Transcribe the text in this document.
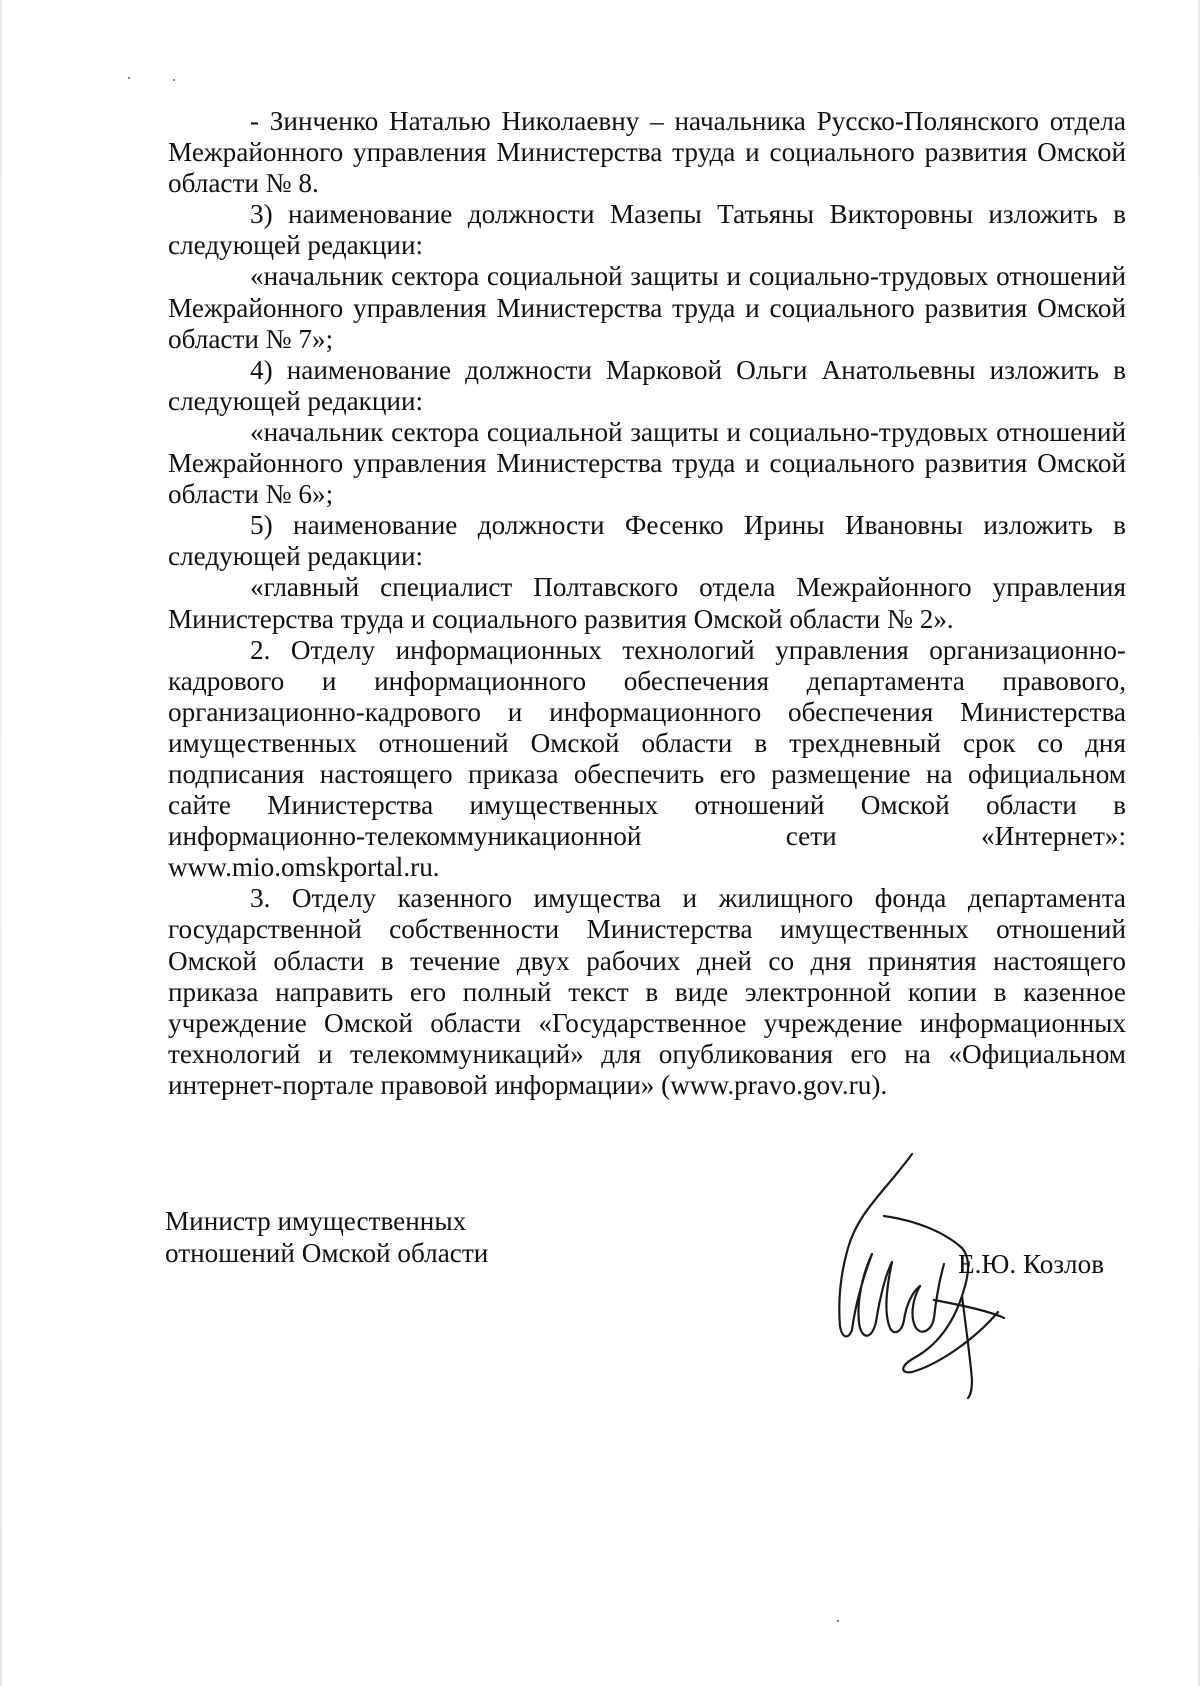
- Зинченко Наталью Николаевну – начальника Русско-Полянского отдела Межрайонного управления Министерства труда и социального развития Омской области № 8.

3) наименование должности Мазепы Татьяны Викторовны изложить в следующей редакции:

«начальник сектора социальной защиты и социально-трудовых отношений Межрайонного управления Министерства труда и социального развития Омской области № 7»;

4) наименование должности Марковой Ольги Анатольевны изложить в следующей редакции:

«начальник сектора социальной защиты и социально-трудовых отношений Межрайонного управления Министерства труда и социального развития Омской области № 6»;

5) наименование должности Фесенко Ирины Ивановны изложить в следующей редакции:

«главный специалист Полтавского отдела Межрайонного управления Министерства труда и социального развития Омской области № 2».

2. Отделу информационных технологий управления организационно-кадрового и информационного обеспечения департамента правового, организационно-кадрового и информационного обеспечения Министерства имущественных отношений Омской области в трехдневный срок со дня подписания настоящего приказа обеспечить его размещение на официальном сайте Министерства имущественных отношений Омской области в информационно-телекоммуникационной сети «Интернет»:

www.mio.omskportal.ru.

3. Отделу казенного имущества и жилищного фонда департамента государственной собственности Министерства имущественных отношений Омской области в течение двух рабочих дней со дня принятия настоящего приказа направить его полный текст в виде электронной копии в казенное учреждение Омской области «Государственное учреждение информационных технологий и телекоммуникаций» для опубликования его на «Официальном интернет-портале правовой информации» (www.pravo.gov.ru).

Министр имущественных
отношений Омской области	Е.Ю. Козлов
